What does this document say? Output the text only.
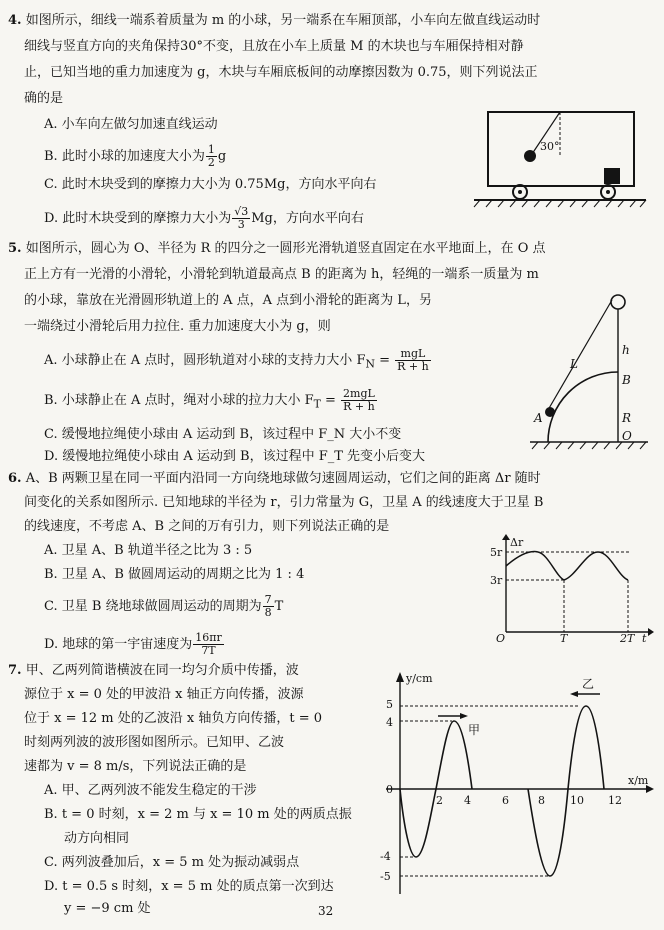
4. 如图所示，细线一端系着质量为 m 的小球，另一端系在车厢顶部，小车向左做直线运动时
细线与竖直方向的夹角保持30°不变，且放在小车上质量 M 的木块也与车厢保持相对静
止，已知当地的重力加速度为 g，木块与车厢底板间的动摩擦因数为 0.75，则下列说法正
确的是
A. 小车向左做匀加速直线运动
B. 此时小球的加速度大小为 $\frac{1}{2}$ g
C. 此时木块受到的摩擦力大小为 0.75Mg，方向水平向右
D. 此时木块受到的摩擦力大小为 $\frac{√3}{3}$ Mg，方向水平向右
30°
5. 如图所示，圆心为 O、半径为 R 的四分之一圆形光滑轨道竖直固定在水平地面上，在 O 点
正上方有一光滑的小滑轮，小滑轮到轨道最高点 B 的距离为 h，轻绳的一端系一质量为 m
的小球，靠放在光滑圆形轨道上的 A 点，A 点到小滑轮的距离为 L，另
一端绕过小滑轮后用力拉住. 重力加速度大小为 g，则
A. 小球静止在 A 点时，圆形轨道对小球的支持力大小 $F_N = \frac{\text{mgL}}{R + h}$
B. 小球静止在 A 点时，绳对小球的拉力大小 $F_T = \frac{\text{2mgL}}{R + h}$
C. 缓慢地拉绳使小球由 A 运动到 B，该过程中 F_N 大小不变
D. 缓慢地拉绳使小球由 A 运动到 B，该过程中 F_T 先变小后变大
L
h
B
R
A
O
6. A、B 两颗卫星在同一平面内沿同一方向绕地球做匀速圆周运动，它们之间的距离 Δr 随时
间变化的关系如图所示. 已知地球的半径为 r，引力常量为 G，卫星 A 的线速度大于卫星 B
的线速度，不考虑 A、B 之间的万有引力，则下列说法正确的是
A. 卫星 A、B 轨道半径之比为 3 : 5
B. 卫星 A、B 做圆周运动的周期之比为 1 : 4
C. 卫星 B 绕地球做圆周运动的周期为 $\frac{7}{8}$ T
D. 地球的第一宇宙速度为 $\frac{16\pi r}{7T}$
Δr
5r
3r
O	T	2T t
7. 甲、乙两列简谐横波在同一均匀介质中传播，波
源位于 x = 0 处的甲波沿 x 轴正方向传播，波源
位于 x = 12 m 处的乙波沿 x 轴负方向传播，t = 0
时刻两列波的波形图如图所示。已知甲、乙波
速都为 v = 8 m/s，下列说法正确的是
A. 甲、乙两列波不能发生稳定的干涉
B. t = 0 时刻，x = 2 m 与 x = 10 m 处的两质点振
动方向相同
C. 两列波叠加后，x = 5 m 处为振动减弱点
D. t = 0.5 s 时刻，x = 5 m 处的质点第一次到达
y = −9 cm 处
y/cm
x/m
5
4
0
-4
-5
2 4	6	8 10 12
甲
乙
32
